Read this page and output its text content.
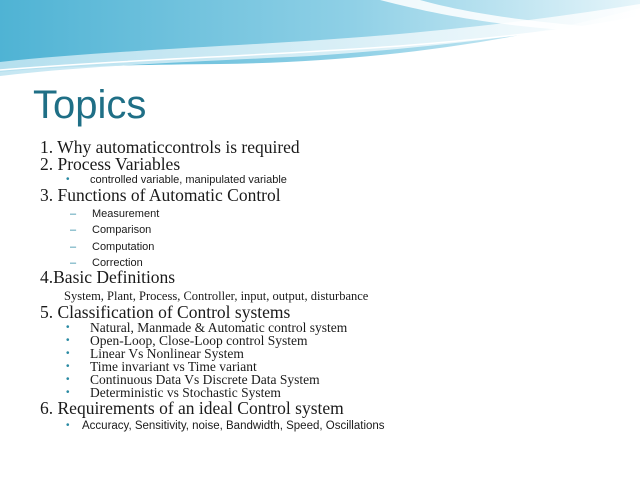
Topics
1. Why automaticcontrols is required
2. Process Variables
• controlled variable, manipulated variable
3. Functions of Automatic Control
– Measurement
– Comparison
– Computation
– Correction
4.Basic Definitions
System, Plant, Process, Controller, input, output, disturbance
5. Classification of Control systems
• Natural, Manmade & Automatic control system
• Open-Loop, Close-Loop control System
• Linear Vs Nonlinear System
• Time invariant vs Time variant
• Continuous Data Vs Discrete Data System
• Deterministic vs Stochastic System
6. Requirements of an ideal Control system
• Accuracy, Sensitivity, noise, Bandwidth, Speed, Oscillations
